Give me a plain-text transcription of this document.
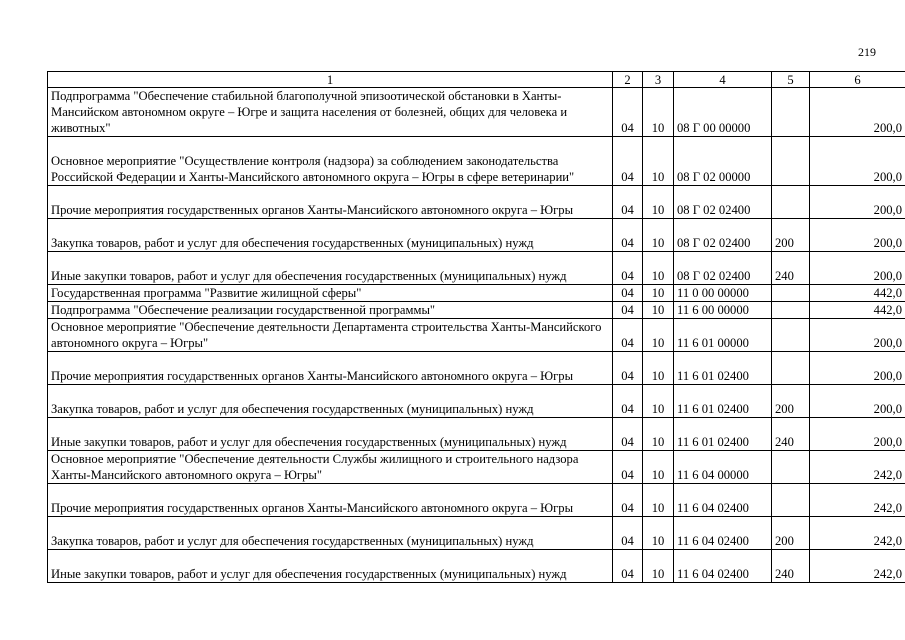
219
1	2	3	4	5	6
Подпрограмма "Обеспечение стабильной благополучной эпизоотической обстановки в Ханты-Мансийском автономном округе – Югре и защита населения от болезней, общих для человека и животных"	04	10	08 Г 00 00000		200,0
Основное мероприятие "Осуществление контроля (надзора) за соблюдением законодательства Российской Федерации и Ханты-Мансийского автономного округа – Югры в сфере ветеринарии"	04	10	08 Г 02 00000		200,0
Прочие мероприятия государственных органов Ханты-Мансийского автономного округа – Югры	04	10	08 Г 02 02400		200,0
Закупка товаров, работ и услуг для обеспечения государственных (муниципальных) нужд	04	10	08 Г 02 02400	200	200,0
Иные закупки товаров, работ и услуг для обеспечения государственных (муниципальных) нужд	04	10	08 Г 02 02400	240	200,0
Государственная программа "Развитие жилищной сферы"	04	10	11 0 00 00000		442,0
Подпрограмма "Обеспечение реализации государственной программы"	04	10	11 6 00 00000		442,0
Основное мероприятие "Обеспечение деятельности Департамента строительства Ханты-Мансийского автономного округа – Югры"	04	10	11 6 01 00000		200,0
Прочие мероприятия государственных органов Ханты-Мансийского автономного округа – Югры	04	10	11 6 01 02400		200,0
Закупка товаров, работ и услуг для обеспечения государственных (муниципальных) нужд	04	10	11 6 01 02400	200	200,0
Иные закупки товаров, работ и услуг для обеспечения государственных (муниципальных) нужд	04	10	11 6 01 02400	240	200,0
Основное мероприятие "Обеспечение деятельности Службы жилищного и строительного надзора Ханты-Мансийского автономного округа – Югры"	04	10	11 6 04 00000		242,0
Прочие мероприятия государственных органов Ханты-Мансийского автономного округа – Югры	04	10	11 6 04 02400		242,0
Закупка товаров, работ и услуг для обеспечения государственных (муниципальных) нужд	04	10	11 6 04 02400	200	242,0
Иные закупки товаров, работ и услуг для обеспечения государственных (муниципальных) нужд	04	10	11 6 04 02400	240	242,0
